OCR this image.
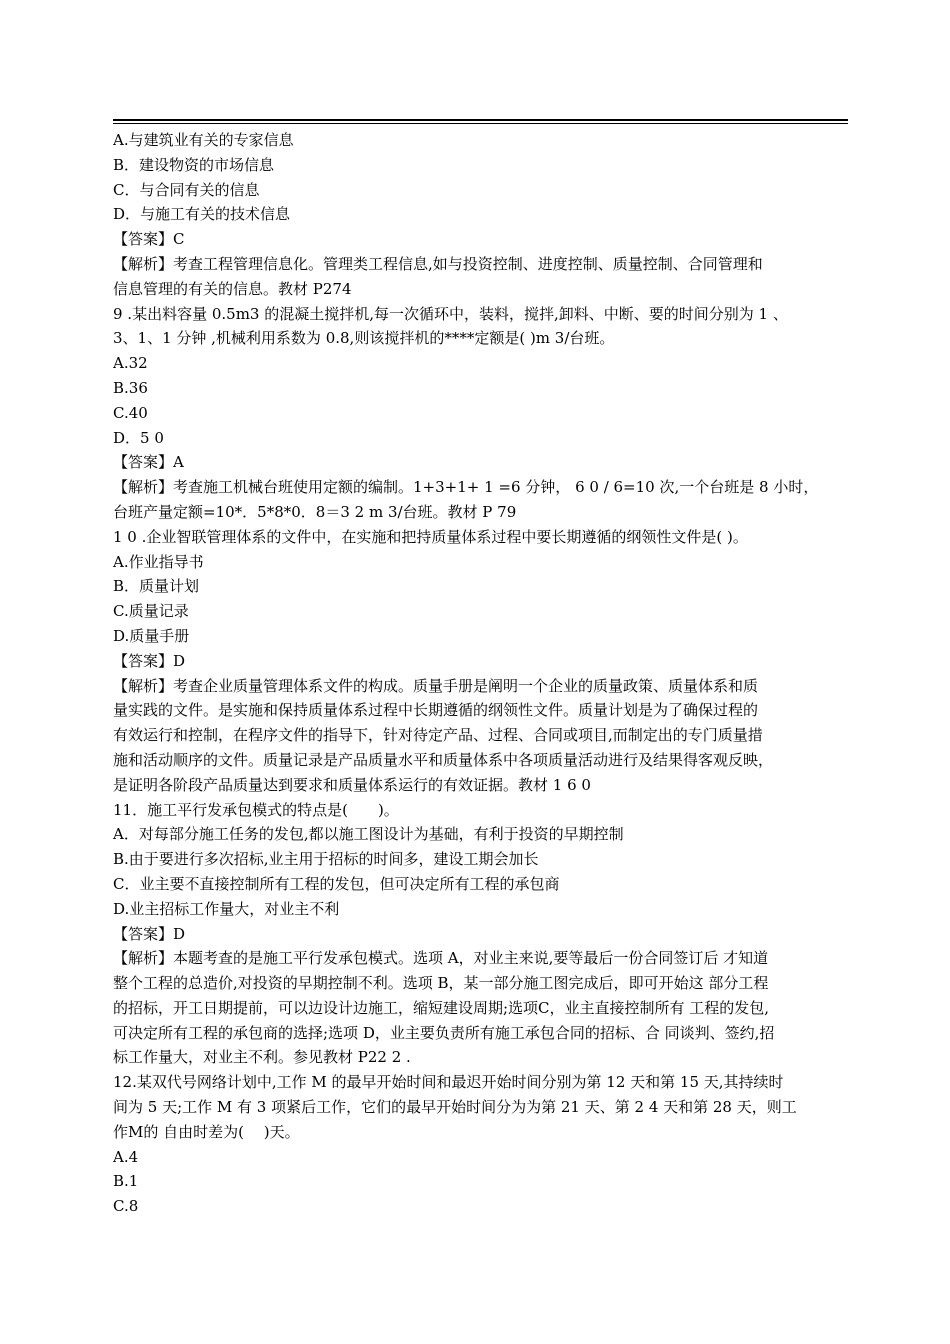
A.与建筑业有关的专家信息
B．建设物资的市场信息
C．与合同有关的信息
D．与施工有关的技术信息
【答案】C
【解析】考查工程管理信息化。管理类工程信息,如与投资控制、进度控制、质量控制、合同管理和
信息管理的有关的信息。教材 P274
9 .某出料容量 0.5m3 的混凝土搅拌机,每一次循环中，装料，搅拌,卸料、中断、要的时间分别为 1 、
3、1、1 分钟 ,机械利用系数为 0.8,则该搅拌机的****定额是( )m 3/台班。
A.32
B.36
C.40
D．5 0
【答案】A
【解析】考查施工机械台班使用定额的编制。1+3+1+ 1 =6 分钟， 6 0 / 6=10 次,一个台班是 8 小时，
台班产量定额=10*．5*8*0．8＝3 2 m 3/台班。教材 P 79
1 0 .企业智联管理体系的文件中，在实施和把持质量体系过程中要长期遵循的纲领性文件是( )。
A.作业指导书
B．质量计划
C.质量记录
D.质量手册
【答案】D
【解析】考查企业质量管理体系文件的构成。质量手册是阐明一个企业的质量政策、质量体系和质
量实践的文件。是实施和保持质量体系过程中长期遵循的纲领性文件。质量计划是为了确保过程的
有效运行和控制，在程序文件的指导下，针对待定产品、过程、合同或项目,而制定出的专门质量措
施和活动顺序的文件。质量记录是产品质量水平和质量体系中各项质量活动进行及结果得客观反映，
是证明各阶段产品质量达到要求和质量体系运行的有效证据。教材 1 6 0
11．施工平行发承包模式的特点是(　　)。
A．对每部分施工任务的发包,都以施工图设计为基础，有利于投资的早期控制
B.由于要进行多次招标,业主用于招标的时间多，建设工期会加长
C．业主要不直接控制所有工程的发包，但可决定所有工程的承包商
D.业主招标工作量大，对业主不利
【答案】D
【解析】本题考查的是施工平行发承包模式。选项 A，对业主来说,要等最后一份合同签订后 才知道
整个工程的总造价,对投资的早期控制不利。选项 B，某一部分施工图完成后，即可开始这 部分工程
的招标，开工日期提前，可以边设计边施工，缩短建设周期;选项C，业主直接控制所有 工程的发包,
可决定所有工程的承包商的选择;选项 D，业主要负责所有施工承包合同的招标、合 同谈判、签约,招
标工作量大，对业主不利。参见教材 P22 2 .
12.某双代号网络计划中,工作 M 的最早开始时间和最迟开始时间分别为第 12 天和第 15 天,其持续时
间为 5 天;工作 M 有 3 项紧后工作，它们的最早开始时间分为为第 21 天、第 2 4 天和第 28 天，则工
作M的 自由时差为(　 )天。
A.4
B.1
C.8
